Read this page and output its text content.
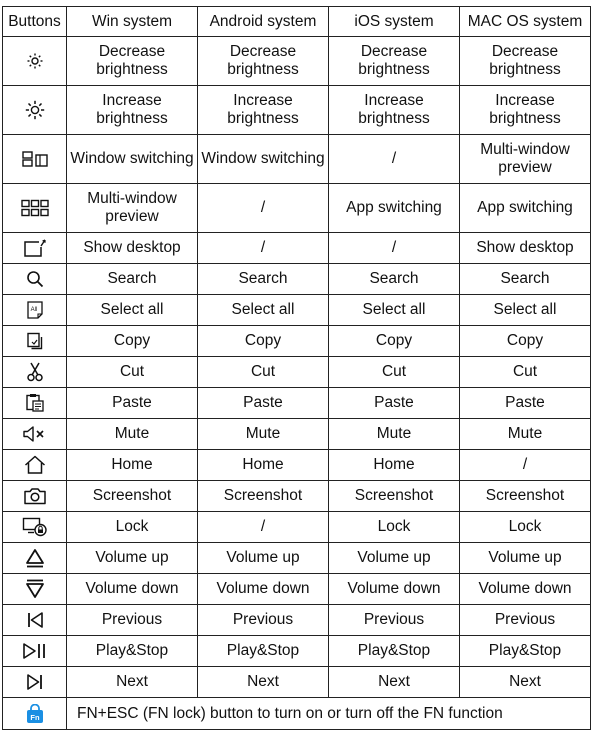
Buttons	Win system	Android system	iOS system	MAC OS system

	Decrease brightness	Decrease brightness	Decrease brightness	Decrease brightness

	Increase brightness	Increase brightness	Increase brightness	Increase brightness

	Window switching	Window switching	/	Multi-window preview

	Multi-window preview	/	App switching	App switching

	Show desktop	/	/	Show desktop

	Search	Search	Search	Search

All	Select all	Select all	Select all	Select all

	Copy	Copy	Copy	Copy

	Cut	Cut	Cut	Cut

	Paste	Paste	Paste	Paste

	Mute	Mute	Mute	Mute

	Home	Home	Home	/

	Screenshot	Screenshot	Screenshot	Screenshot

	Lock	/	Lock	Lock

	Volume up	Volume up	Volume up	Volume up

	Volume down	Volume down	Volume down	Volume down

	Previous	Previous	Previous	Previous

	Play&Stop	Play&Stop	Play&Stop	Play&Stop

	Next	Next	Next	Next

Fn	FN+ESC (FN lock) button to turn on or turn off the FN function			
